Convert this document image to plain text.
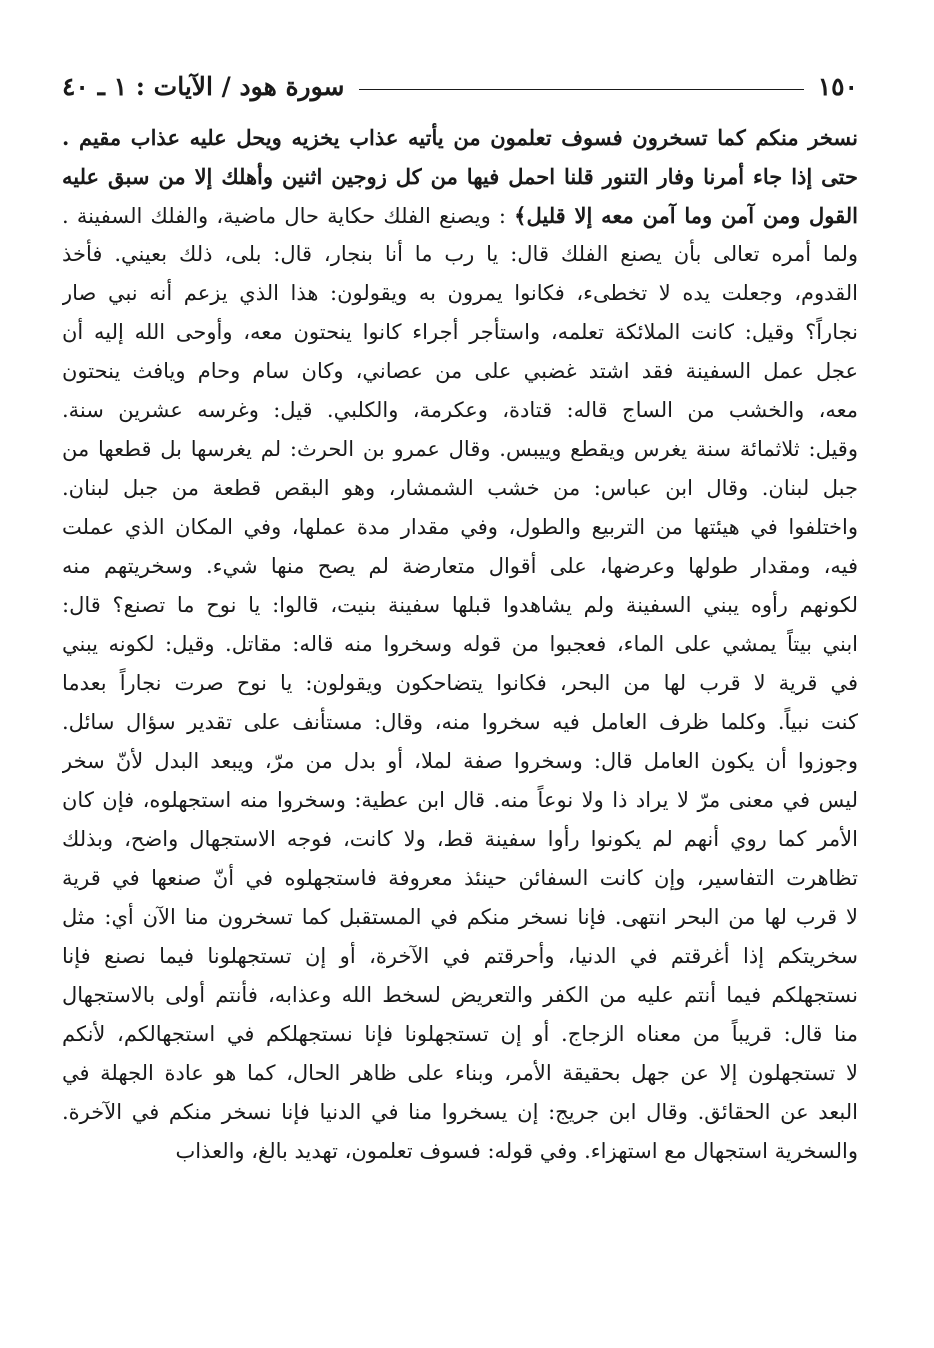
١٥٠
سورة هود / الآيات : ١ ـ ٤٠
نسخر منكم كما تسخرون فسوف تعلمون من يأتيه عذاب يخزيه ويحل عليه عذاب مقيم .
حتى إذا جاء أمرنا وفار التنور قلنا احمل فيها من كل زوجين اثنين وأهلك إلا من سبق عليه
القول ومن آمن وما آمن معه إلا قليل﴾ : ويصنع الفلك حكاية حال ماضية، والفلك السفينة .
ولما أمره تعالى بأن يصنع الفلك قال: يا رب ما أنا بنجار، قال: بلى، ذلك بعيني. فأخذ
القدوم، وجعلت يده لا تخطىء، فكانوا يمرون به ويقولون: هذا الذي يزعم أنه نبي صار
نجاراً؟ وقيل: كانت الملائكة تعلمه، واستأجر أجراء كانوا ينحتون معه، وأوحى الله إليه أن
عجل عمل السفينة فقد اشتد غضبي على من عصاني، وكان سام وحام ويافث ينحتون
معه، والخشب من الساج قاله: قتادة، وعكرمة، والكلبي. قيل: وغرسه عشرين سنة.
وقيل: ثلاثمائة سنة يغرس ويقطع وييبس. وقال عمرو بن الحرث: لم يغرسها بل قطعها من
جبل لبنان. وقال ابن عباس: من خشب الشمشار، وهو البقص قطعة من جبل لبنان.
واختلفوا في هيئتها من التربيع والطول، وفي مقدار مدة عملها، وفي المكان الذي عملت
فيه، ومقدار طولها وعرضها، على أقوال متعارضة لم يصح منها شيء. وسخريتهم منه
لكونهم رأوه يبني السفينة ولم يشاهدوا قبلها سفينة بنيت، قالوا: يا نوح ما تصنع؟ قال:
ابني بيتاً يمشي على الماء، فعجبوا من قوله وسخروا منه قاله: مقاتل. وقيل: لكونه يبني
في قرية لا قرب لها من البحر، فكانوا يتضاحكون ويقولون: يا نوح صرت نجاراً بعدما
كنت نبياً. وكلما ظرف العامل فيه سخروا منه، وقال: مستأنف على تقدير سؤال سائل.
وجوزوا أن يكون العامل قال: وسخروا صفة لملا، أو بدل من مرّ، ويبعد البدل لأنّ سخر
ليس في معنى مرّ لا يراد ذا ولا نوعاً منه. قال ابن عطية: وسخروا منه استجهلوه، فإن كان
الأمر كما روي أنهم لم يكونوا رأوا سفينة قط، ولا كانت، فوجه الاستجهال واضح، وبذلك
تظاهرت التفاسير، وإن كانت السفائن حينئذ معروفة فاستجهلوه في أنّ صنعها في قرية
لا قرب لها من البحر انتهى. فإنا نسخر منكم في المستقبل كما تسخرون منا الآن أي: مثل
سخريتكم إذا أغرقتم في الدنيا، وأحرقتم في الآخرة، أو إن تستجهلونا فيما نصنع فإنا
نستجهلكم فيما أنتم عليه من الكفر والتعريض لسخط الله وعذابه، فأنتم أولى بالاستجهال
منا قال: قريباً من معناه الزجاج. أو إن تستجهلونا فإنا نستجهلكم في استجهالكم، لأنكم
لا تستجهلون إلا عن جهل بحقيقة الأمر، وبناء على ظاهر الحال، كما هو عادة الجهلة في
البعد عن الحقائق. وقال ابن جريج: إن يسخروا منا في الدنيا فإنا نسخر منكم في الآخرة.
والسخرية استجهال مع استهزاء. وفي قوله: فسوف تعلمون، تهديد بالغ، والعذاب
